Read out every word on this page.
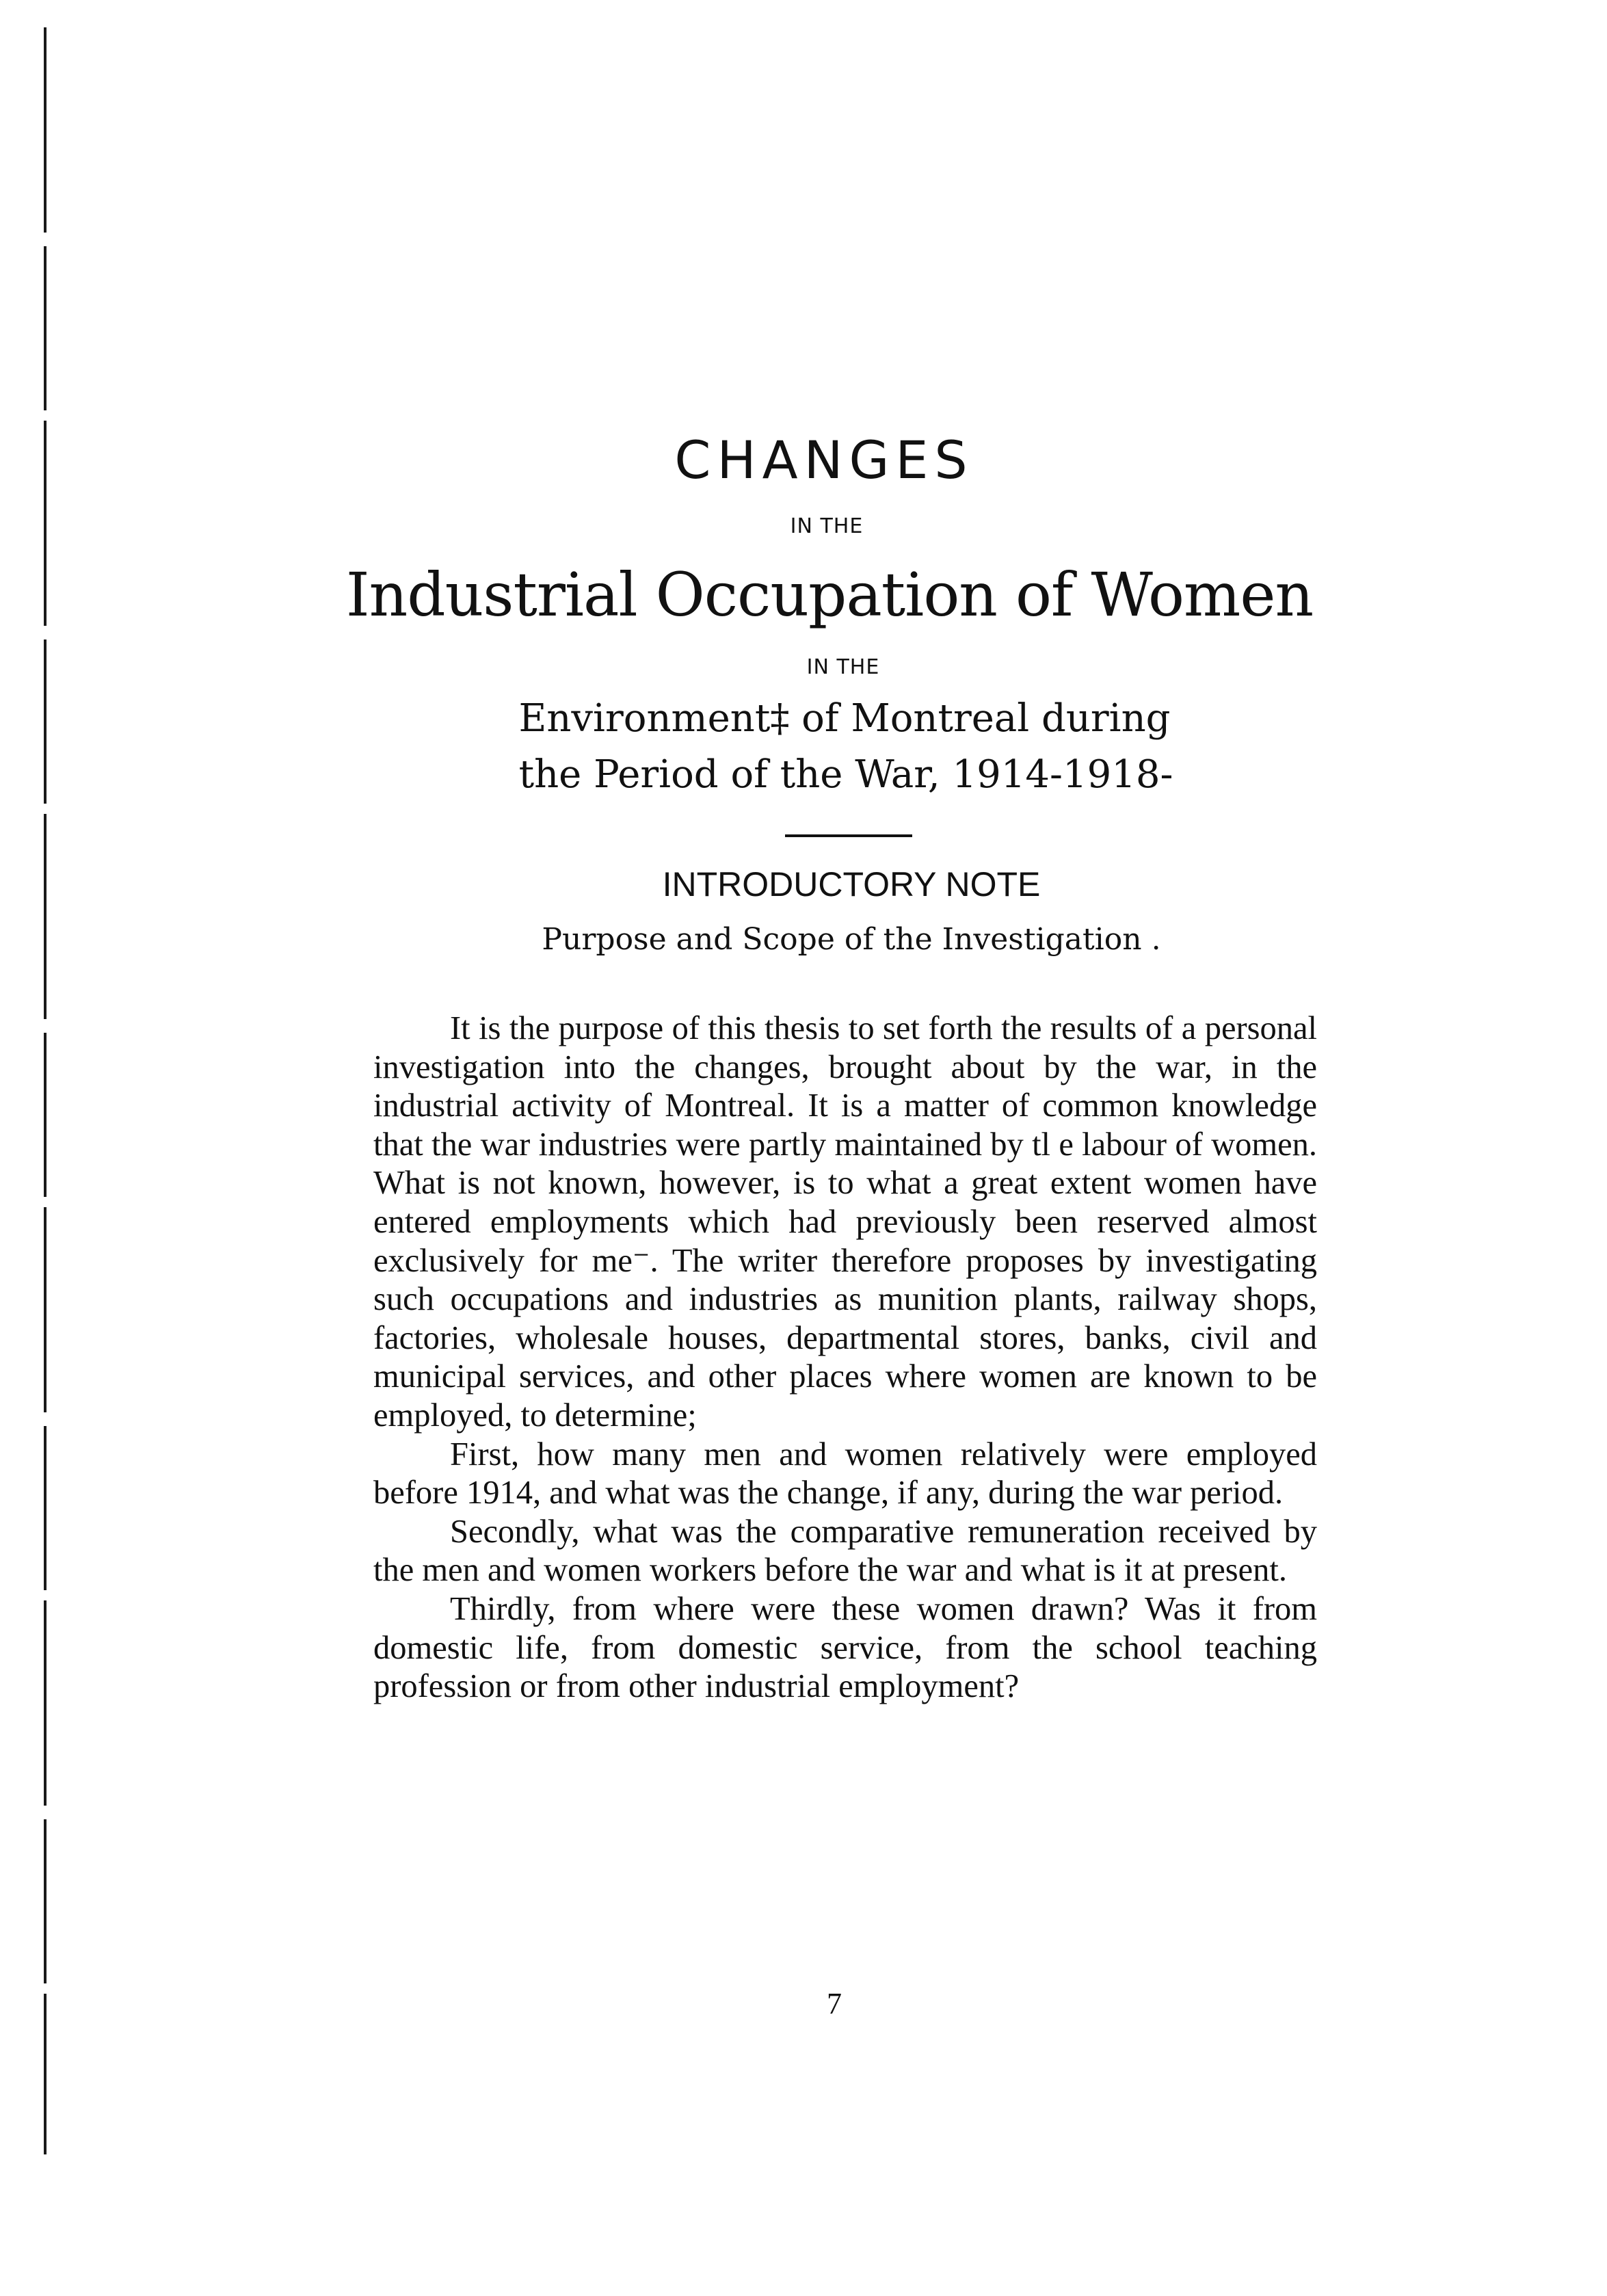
CHANGES
IN THE
Industrial Occupation of Women
IN THE
Environment‡ of Montreal during
the Period of the War, 1914-1918-
INTRODUCTORY NOTE
Purpose and Scope of the Investigation .

It is the purpose of this thesis to set forth the results of a personal investigation into the changes, brought about by the war, in the industrial activity of Montreal. It is a matter of common knowledge that the war industries were partly maintained by tl e labour of women. What is not known, however, is to what a great extent women have entered employments which had previously been reserved almost exclusively for me⁻. The writer therefore proposes by investigating such occupations and industries as munition plants, railway shops, factories, wholesale houses, departmental stores, banks, civil and municipal services, and other places where women are known to be employed, to determine;

First, how many men and women relatively were employed before 1914, and what was the change, if any, during the war period.

Secondly, what was the comparative remuneration received by the men and women workers before the war and what is it at present.

Thirdly, from where were these women drawn? Was it from domestic life, from domestic service, from the school teaching profession or from other industrial employment?

7
